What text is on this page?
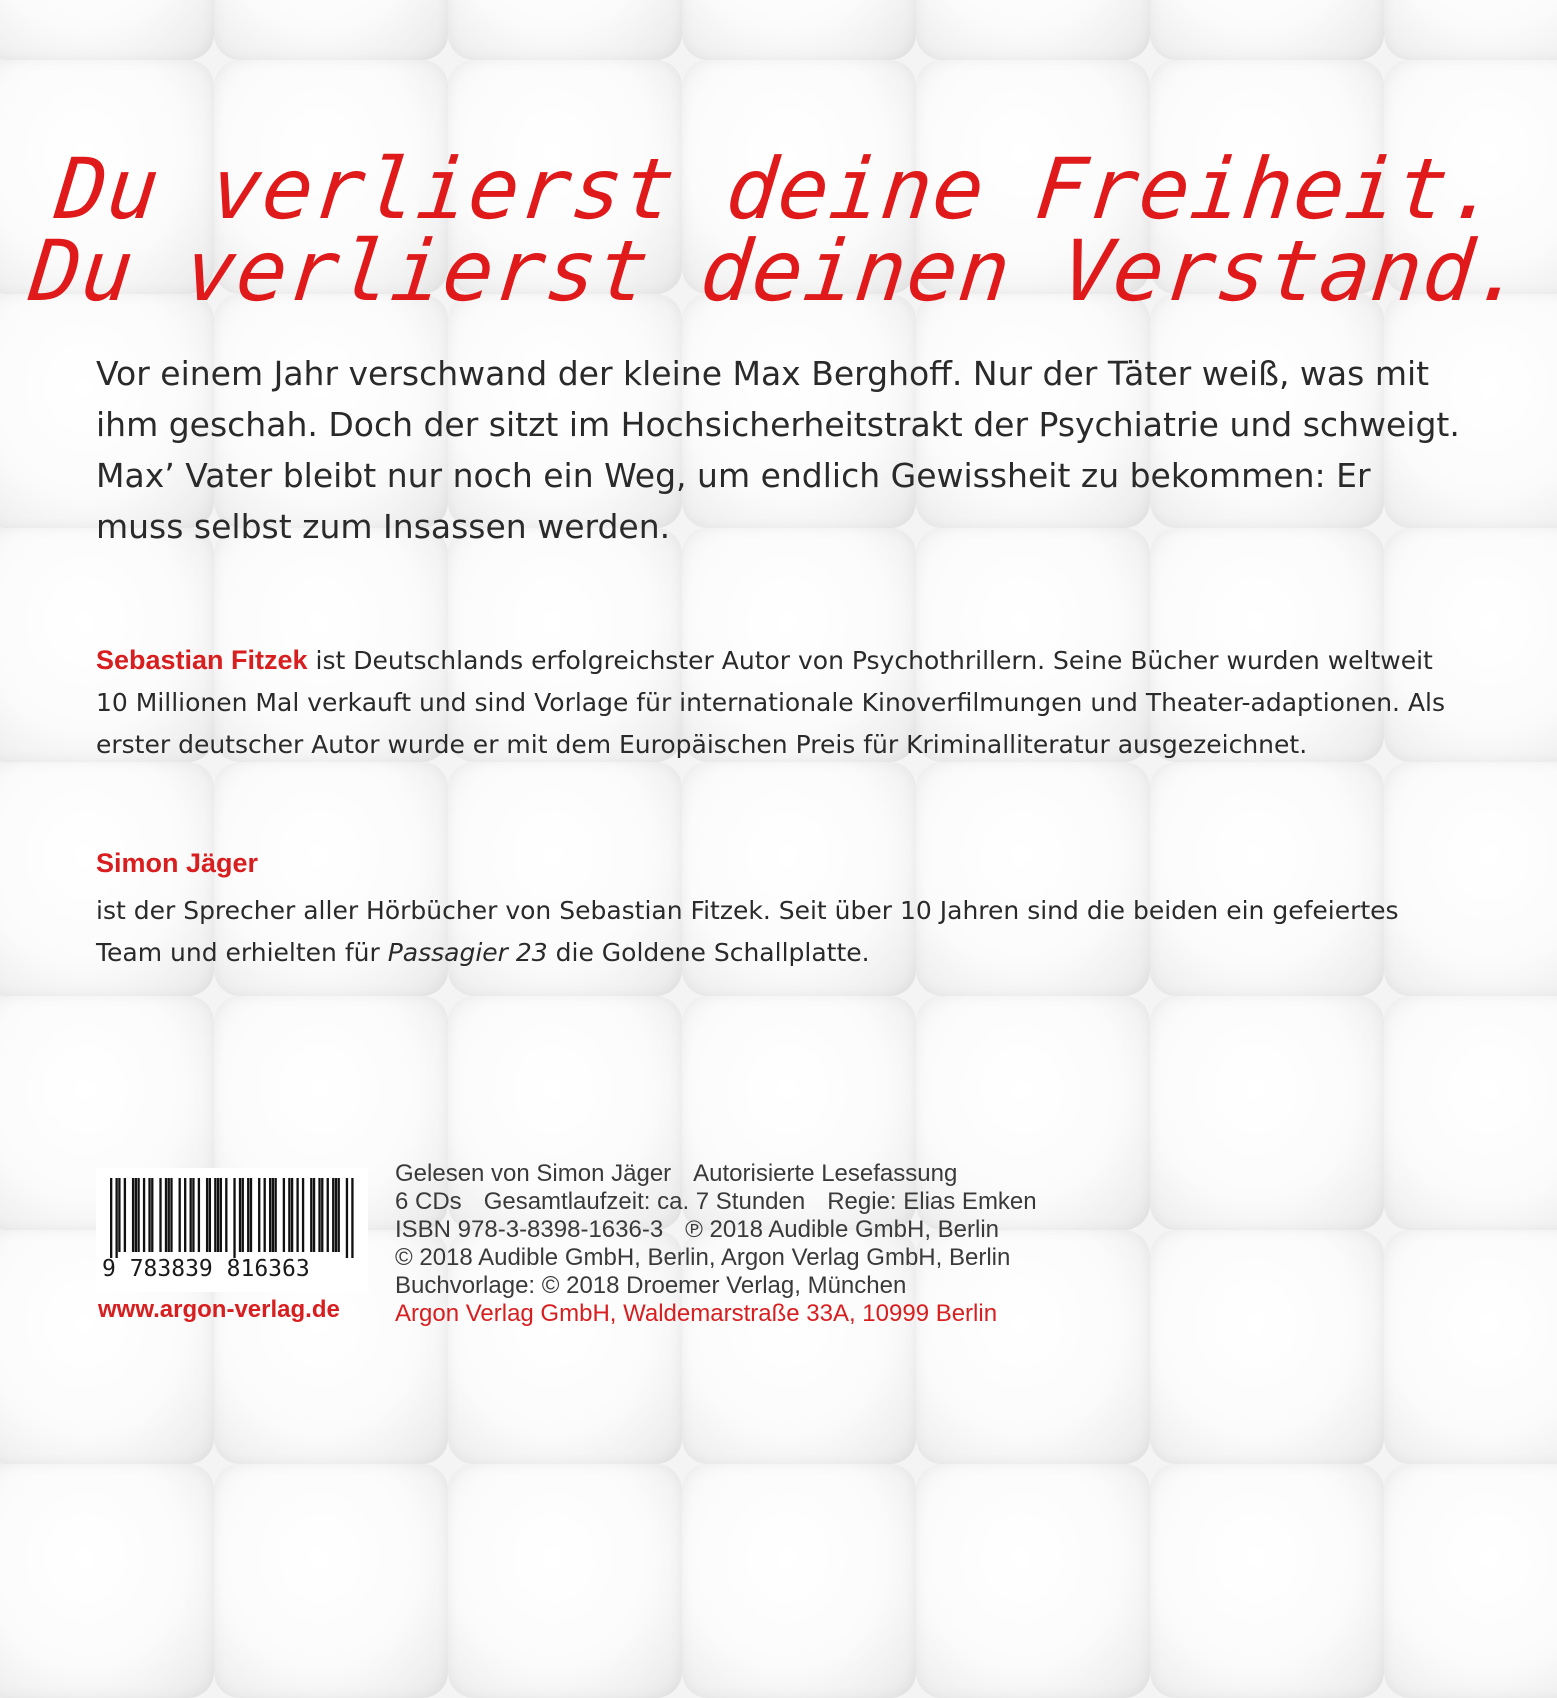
Du verlierst deine Freiheit.
Du verlierst deinen Verstand.

Vor einem Jahr verschwand der kleine Max Berghoff. Nur der Täter weiß, was mit ihm geschah. Doch der sitzt im Hochsicherheitstrakt der Psychiatrie und schweigt. Max’ Vater bleibt nur noch ein Weg, um endlich Gewissheit zu bekommen: Er muss selbst zum Insassen werden.

Sebastian Fitzek ist Deutschlands erfolgreichster Autor von Psychothrillern. Seine Bücher wurden weltweit 10 Millionen Mal verkauft und sind Vorlage für internationale Kinoverfilmungen und Theater-adaptionen. Als erster deutscher Autor wurde er mit dem Europäischen Preis für Kriminalliteratur ausgezeichnet.

Simon Jäger

ist der Sprecher aller Hörbücher von Sebastian Fitzek. Seit über 10 Jahren sind die beiden ein gefeiertes Team und erhielten für Passagier 23 die Goldene Schallplatte.

9 783839 816363
www.argon-verlag.de
Gelesen von Simon Jäger Autorisierte Lesefassung
6 CDs Gesamtlaufzeit: ca. 7 Stunden Regie: Elias Emken
ISBN 978-3-8398-1636-3 ℗ 2018 Audible GmbH, Berlin
© 2018 Audible GmbH, Berlin, Argon Verlag GmbH, Berlin
Buchvorlage: © 2018 Droemer Verlag, München
Argon Verlag GmbH, Waldemarstraße 33A, 10999 Berlin
